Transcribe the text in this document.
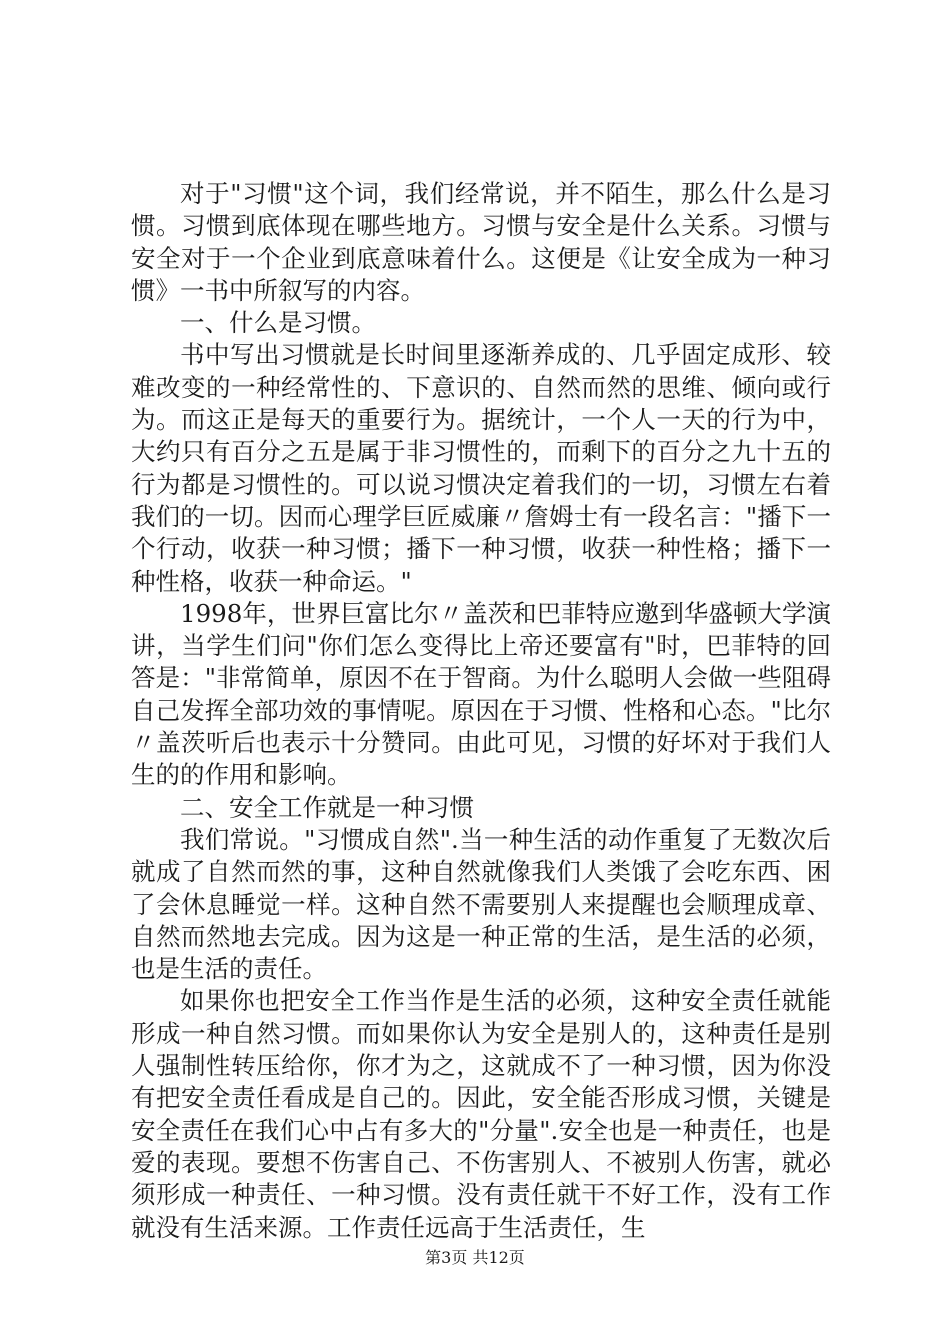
对于"习惯"这个词，我们经常说，并不陌生，那么什么是习惯。习惯到底体现在哪些地方。习惯与安全是什么关系。习惯与安全对于一个企业到底意味着什么。这便是《让安全成为一种习惯》一书中所叙写的内容。

一、什么是习惯。

书中写出习惯就是长时间里逐渐养成的、几乎固定成形、较难改变的一种经常性的、下意识的、自然而然的思维、倾向或行为。而这正是每天的重要行为。据统计，一个人一天的行为中，大约只有百分之五是属于非习惯性的，而剩下的百分之九十五的行为都是习惯性的。可以说习惯决定着我们的一切，习惯左右着我们的一切。因而心理学巨匠威廉〃詹姆士有一段名言："播下一个行动，收获一种习惯；播下一种习惯，收获一种性格；播下一种性格，收获一种命运。"

1998年，世界巨富比尔〃盖茨和巴菲特应邀到华盛顿大学演讲，当学生们问"你们怎么变得比上帝还要富有"时，巴菲特的回答是："非常简单，原因不在于智商。为什么聪明人会做一些阻碍自己发挥全部功效的事情呢。原因在于习惯、性格和心态。"比尔〃盖茨听后也表示十分赞同。由此可见，习惯的好坏对于我们人生的的作用和影响。

二、安全工作就是一种习惯

我们常说。"习惯成自然".当一种生活的动作重复了无数次后就成了自然而然的事，这种自然就像我们人类饿了会吃东西、困了会休息睡觉一样。这种自然不需要别人来提醒也会顺理成章、自然而然地去完成。因为这是一种正常的生活，是生活的必须，也是生活的责任。

如果你也把安全工作当作是生活的必须，这种安全责任就能形成一种自然习惯。而如果你认为安全是别人的，这种责任是别人强制性转压给你，你才为之，这就成不了一种习惯，因为你没有把安全责任看成是自己的。因此，安全能否形成习惯，关键是安全责任在我们心中占有多大的"分量".安全也是一种责任，也是爱的表现。要想不伤害自己、不伤害别人、不被别人伤害，就必须形成一种责任、一种习惯。没有责任就干不好工作，没有工作就没有生活来源。工作责任远高于生活责任，生

第3页 共12页
